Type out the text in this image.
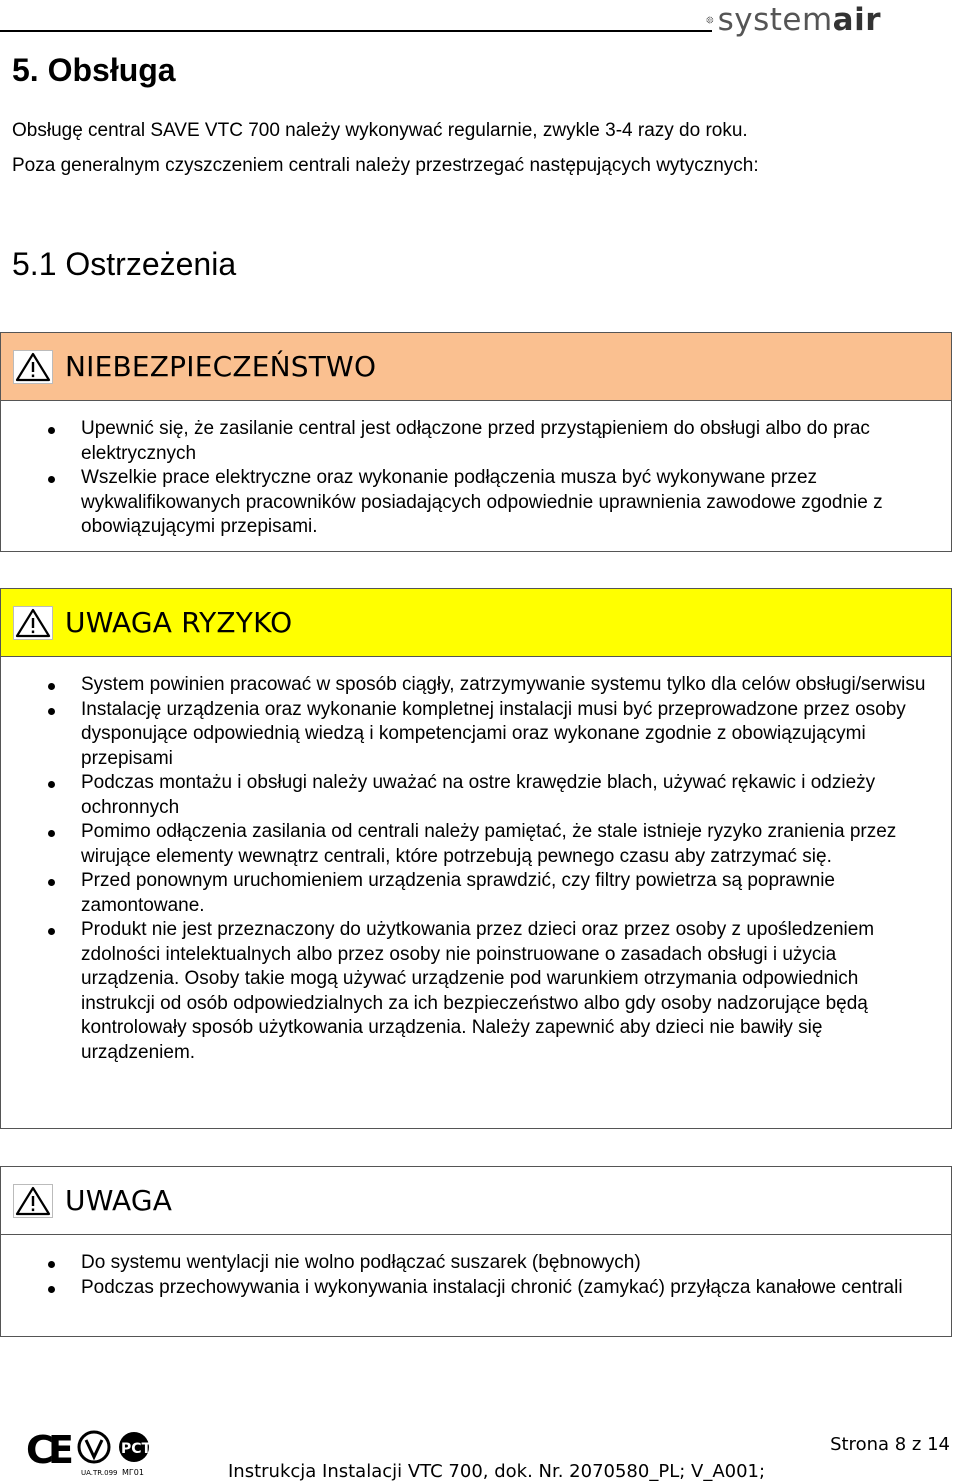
systemair
5. Obsługa

Obsługę central SAVE VTC 700 należy wykonywać regularnie, zwykle 3-4 razy do roku.

Poza generalnym czyszczeniem centrali należy przestrzegać następujących wytycznych:

5.1 Ostrzeżenia
NIEBEZPIECZEŃSTWO
Upewnić się, że zasilanie central jest odłączone przed przystąpieniem do obsługi albo do prac elektrycznych
Wszelkie prace elektryczne oraz wykonanie podłączenia musza być wykonywane przez wykwalifikowanych pracowników posiadających odpowiednie uprawnienia zawodowe zgodnie z obowiązującymi przepisami.
UWAGA RYZYKO
System powinien pracować w sposób ciągły, zatrzymywanie systemu tylko dla celów obsługi/serwisu
Instalację urządzenia oraz wykonanie kompletnej instalacji musi być przeprowadzone przez osoby dysponujące odpowiednią wiedzą i kompetencjami oraz wykonane zgodnie z obowiązującymi przepisami
Podczas montażu i obsługi należy uważać na ostre krawędzie blach, używać rękawic i odzieży ochronnych
Pomimo odłączenia zasilania od centrali należy pamiętać, że stale istnieje ryzyko zranienia przez wirujące elementy wewnątrz centrali, które potrzebują pewnego czasu aby zatrzymać się.
Przed ponownym uruchomieniem urządzenia sprawdzić, czy filtry powietrza są poprawnie zamontowane.
Produkt nie jest przeznaczony do użytkowania przez dzieci oraz przez osoby z upośledzeniem zdolności intelektualnych albo przez osoby nie poinstruowane o zasadach obsługi i użycia urządzenia. Osoby takie mogą używać urządzenie pod warunkiem otrzymania odpowiednich instrukcji od osób odpowiedzialnych za ich bezpieczeństwo albo gdy osoby nadzorujące będą kontrolowały sposób użytkowania urządzenia. Należy zapewnić aby dzieci nie bawiły się urządzeniem.
UWAGA
Do systemu wentylacji nie wolno podłączać suszarek (bębnowych)
Podczas przechowywania i wykonywania instalacji chronić (zamykać) przyłącza kanałowe centrali
C
E
UA.TR.099
PCT
МГ01
Strona 8 z 14
Instrukcja Instalacji VTC 700, dok. Nr. 2070580_PL; V_A001;
